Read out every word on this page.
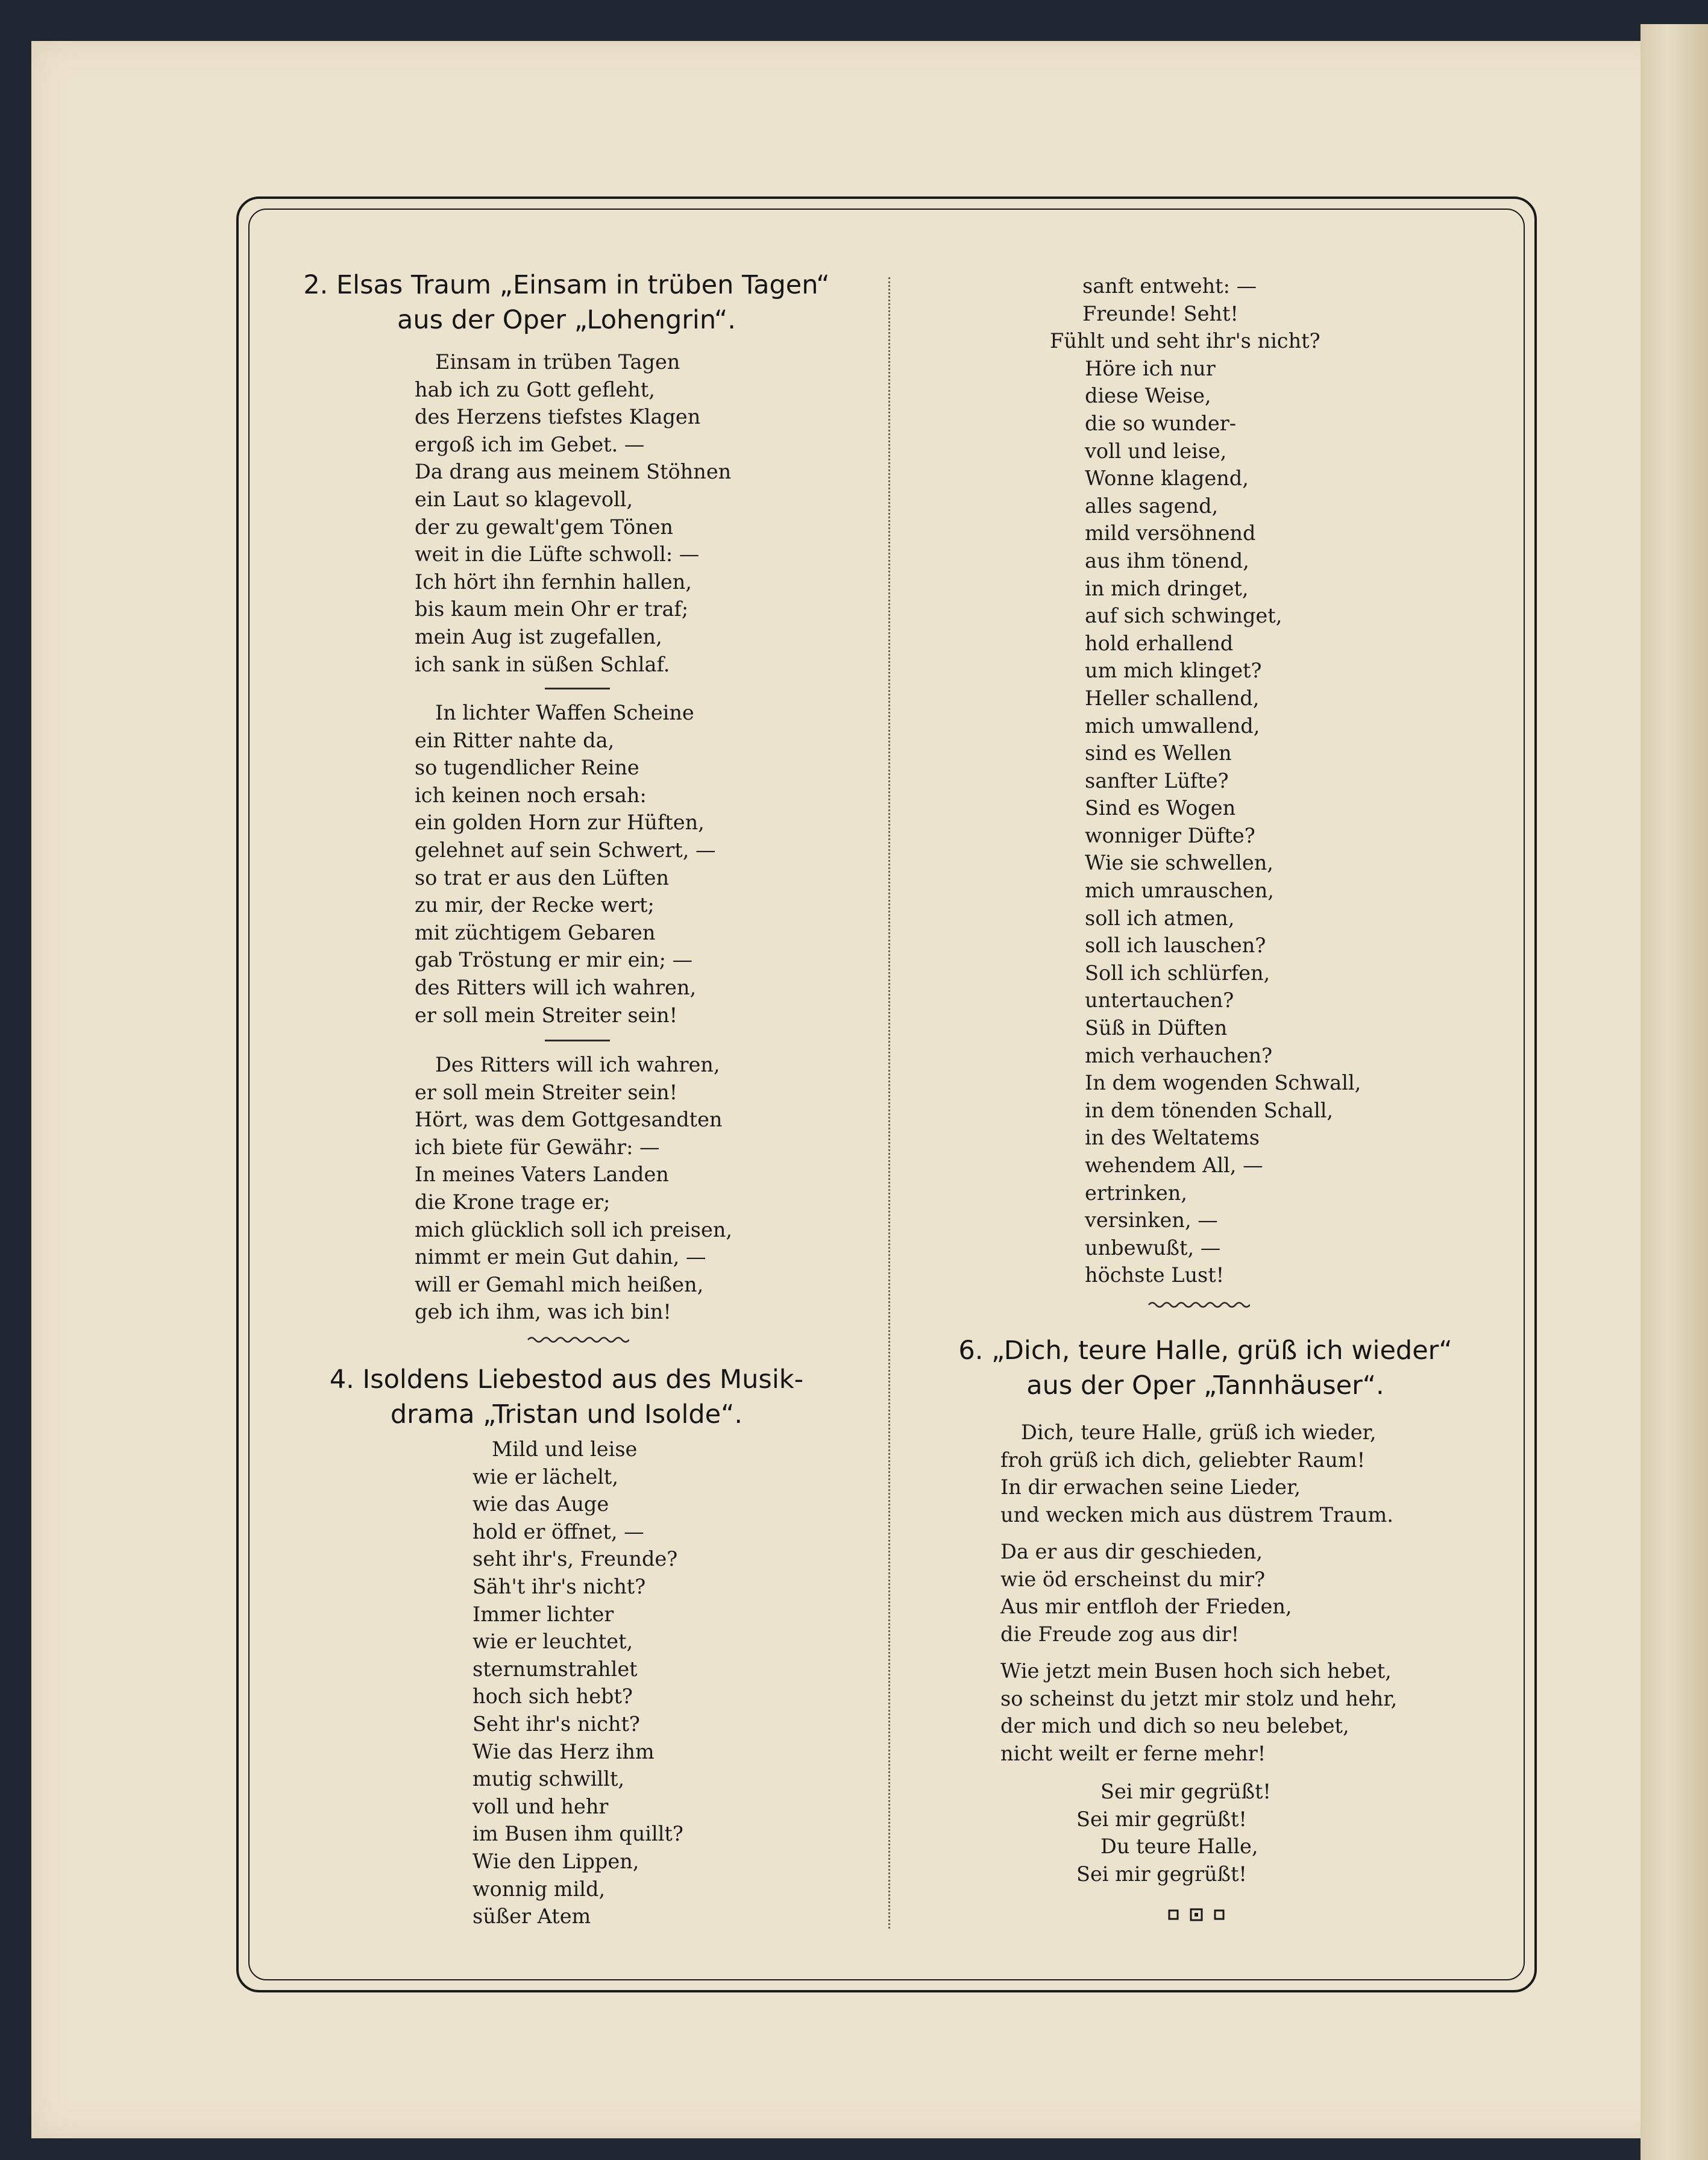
2. Elsas Traum „Einsam in trüben Tagen“
aus der Oper „Lohengrin“.
Einsam in trüben Tagen
hab ich zu Gott gefleht,
des Herzens tiefstes Klagen
ergoß ich im Gebet. —
Da drang aus meinem Stöhnen
ein Laut so klagevoll,
der zu gewalt'gem Tönen
weit in die Lüfte schwoll: —
Ich hört ihn fernhin hallen,
bis kaum mein Ohr er traf;
mein Aug ist zugefallen,
ich sank in süßen Schlaf.
In lichter Waffen Scheine
ein Ritter nahte da,
so tugendlicher Reine
ich keinen noch ersah:
ein golden Horn zur Hüften,
gelehnet auf sein Schwert, —
so trat er aus den Lüften
zu mir, der Recke wert;
mit züchtigem Gebaren
gab Tröstung er mir ein; —
des Ritters will ich wahren,
er soll mein Streiter sein!
Des Ritters will ich wahren,
er soll mein Streiter sein!
Hört, was dem Gottgesandten
ich biete für Gewähr: —
In meines Vaters Landen
die Krone trage er;
mich glücklich soll ich preisen,
nimmt er mein Gut dahin, —
will er Gemahl mich heißen,
geb ich ihm, was ich bin!
4. Isoldens Liebestod aus des Musik-
drama „Tristan und Isolde“.
Mild und leise
wie er lächelt,
wie das Auge
hold er öffnet, —
seht ihr's, Freunde?
Säh't ihr's nicht?
Immer lichter
wie er leuchtet,
sternumstrahlet
hoch sich hebt?
Seht ihr's nicht?
Wie das Herz ihm
mutig schwillt,
voll und hehr
im Busen ihm quillt?
Wie den Lippen,
wonnig mild,
süßer Atem
sanft entweht: —
Freunde! Seht!
Fühlt und seht ihr's nicht?
Höre ich nur
diese Weise,
die so wunder-
voll und leise,
Wonne klagend,
alles sagend,
mild versöhnend
aus ihm tönend,
in mich dringet,
auf sich schwinget,
hold erhallend
um mich klinget?
Heller schallend,
mich umwallend,
sind es Wellen
sanfter Lüfte?
Sind es Wogen
wonniger Düfte?
Wie sie schwellen,
mich umrauschen,
soll ich atmen,
soll ich lauschen?
Soll ich schlürfen,
untertauchen?
Süß in Düften
mich verhauchen?
In dem wogenden Schwall,
in dem tönenden Schall,
in des Weltatems
wehendem All, —
ertrinken,
versinken, —
unbewußt, —
höchste Lust!
6. „Dich, teure Halle, grüß ich wieder“
aus der Oper „Tannhäuser“.
Dich, teure Halle, grüß ich wieder,
froh grüß ich dich, geliebter Raum!
In dir erwachen seine Lieder,
und wecken mich aus düstrem Traum.
Da er aus dir geschieden,
wie öd erscheinst du mir?
Aus mir entfloh der Frieden,
die Freude zog aus dir!
Wie jetzt mein Busen hoch sich hebet,
so scheinst du jetzt mir stolz und hehr,
der mich und dich so neu belebet,
nicht weilt er ferne mehr!
Sei mir gegrüßt!
Sei mir gegrüßt!
Du teure Halle,
Sei mir gegrüßt!
